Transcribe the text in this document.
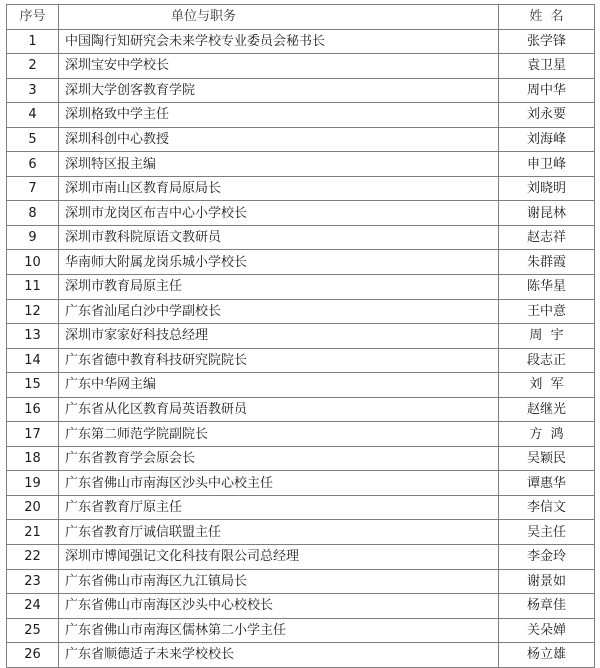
序号	单位与职务	姓  名
1	中国陶行知研究会未来学校专业委员会秘书长	张学锋
2	深圳宝安中学校长	袁卫星
3	深圳大学创客教育学院	周中华
4	深圳格致中学主任	刘永要
5	深圳科创中心教授	刘海峰
6	深圳特区报主编	申卫峰
7	深圳市南山区教育局原局长	刘晓明
8	深圳市龙岗区布吉中心小学校长	谢昆林
9	深圳市教科院原语文教研员	赵志祥
10	华南师大附属龙岗乐城小学校长	朱群霞
11	深圳市教育局原主任	陈华星
12	广东省汕尾白沙中学副校长	王中意
13	深圳市家家好科技总经理	周  宇
14	广东省德中教育科技研究院院长	段志正
15	广东中华网主编	刘  军
16	广东省从化区教育局英语教研员	赵继光
17	广东第二师范学院副院长	方  鸿
18	广东省教育学会原会长	吴颖民
19	广东省佛山市南海区沙头中心校主任	谭惠华
20	广东省教育厅原主任	李信文
21	广东省教育厅诚信联盟主任	吴主任
22	深圳市博闻强记文化科技有限公司总经理	李金玲
23	广东省佛山市南海区九江镇局长	谢景如
24	广东省佛山市南海区沙头中心校校长	杨章佳
25	广东省佛山市南海区儒林第二小学主任	关朵婵
26	广东省顺德适子未来学校校长	杨立雄
